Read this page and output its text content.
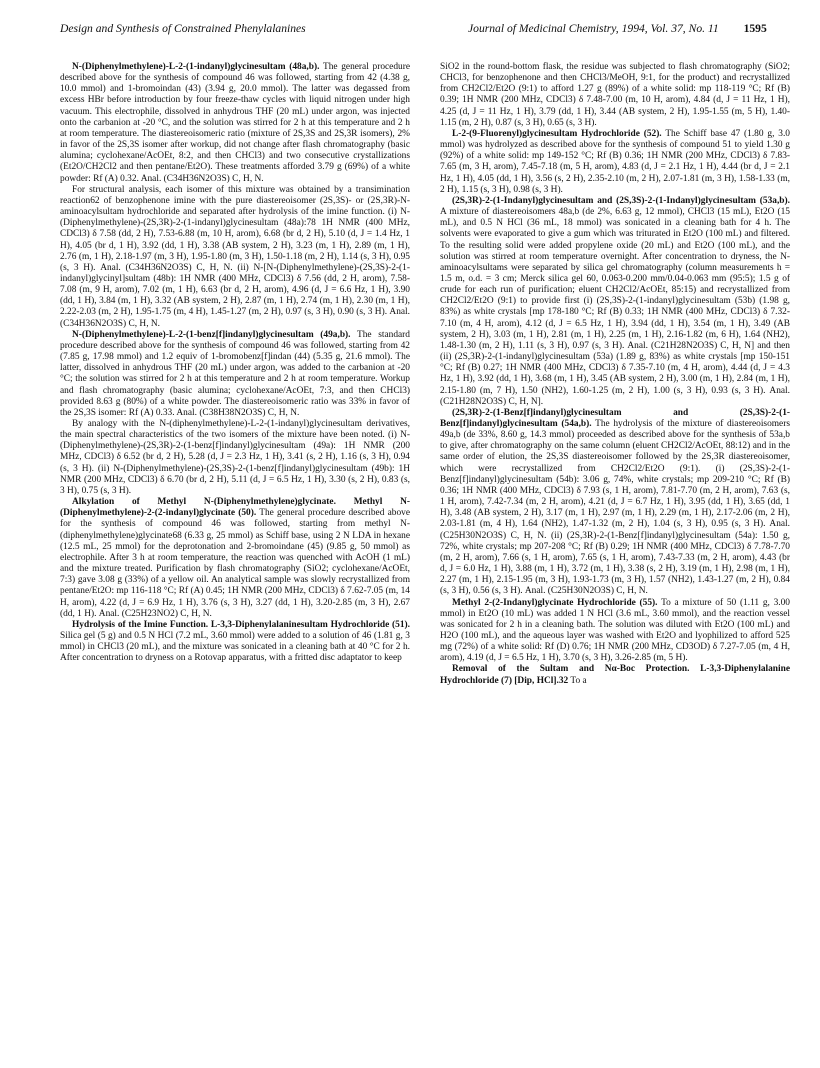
Design and Synthesis of Constrained Phenylalanines	Journal of Medicinal Chemistry, 1994, Vol. 37, No. 11 1595

N-(Diphenylmethylene)-L-2-(1-indanyl)glycinesultam (48a,b). The general procedure described above for the synthesis of compound 46 was followed, starting from 42 (4.38 g, 10.0 mmol) and 1-bromoindan (43) (3.94 g, 20.0 mmol). The latter was degassed from excess HBr before introduction by four freeze-thaw cycles with liquid nitrogen under high vacuum. This electrophile, dissolved in anhydrous THF (20 mL) under argon, was injected onto the carbanion at -20 °C, and the solution was stirred for 2 h at this temperature and 2 h at room temperature. The diastereoisomeric ratio (mixture of 2S,3S and 2S,3R isomers), 2% in favor of the 2S,3S isomer after workup, did not change after flash chromatography (basic alumina; cyclohexane/AcOEt, 8:2, and then CHCl3) and two consecutive crystallizations (Et2O/CH2Cl2 and then pentane/Et2O). These treatments afforded 3.79 g (69%) of a white powder: Rf (A) 0.32. Anal. (C34H36N2O3S) C, H, N.

For structural analysis, each isomer of this mixture was obtained by a transimination reaction62 of benzophenone imine with the pure diastereoisomer (2S,3S)- or (2S,3R)-N-aminoacylsultam hydrochloride and separated after hydrolysis of the imine function. (i) N-(Diphenylmethylene)-(2S,3R)-2-(1-indanyl)glycinesultam (48a):78 1H NMR (400 MHz, CDCl3) δ 7.58 (dd, 2 H), 7.53-6.88 (m, 10 H, arom), 6.68 (br d, 2 H), 5.10 (d, J = 1.4 Hz, 1 H), 4.05 (br d, 1 H), 3.92 (dd, 1 H), 3.38 (AB system, 2 H), 3.23 (m, 1 H), 2.89 (m, 1 H), 2.76 (m, 1 H), 2.18-1.97 (m, 3 H), 1.95-1.80 (m, 3 H), 1.50-1.18 (m, 2 H), 1.14 (s, 3 H), 0.95 (s, 3 H). Anal. (C34H36N2O3S) C, H, N. (ii) N-[N-(Diphenylmethylene)-(2S,3S)-2-(1-indanyl)glycinyl]sultam (48b): 1H NMR (400 MHz, CDCl3) δ 7.56 (dd, 2 H, arom), 7.58-7.08 (m, 9 H, arom), 7.02 (m, 1 H), 6.63 (br d, 2 H, arom), 4.96 (d, J = 6.6 Hz, 1 H), 3.90 (dd, 1 H), 3.84 (m, 1 H), 3.32 (AB system, 2 H), 2.87 (m, 1 H), 2.74 (m, 1 H), 2.30 (m, 1 H), 2.22-2.03 (m, 2 H), 1.95-1.75 (m, 4 H), 1.45-1.27 (m, 2 H), 0.97 (s, 3 H), 0.90 (s, 3 H). Anal. (C34H36N2O3S) C, H, N.

N-(Diphenylmethylene)-L-2-(1-benz[f]indanyl)glycinesultam (49a,b). The standard procedure described above for the synthesis of compound 46 was followed, starting from 42 (7.85 g, 17.98 mmol) and 1.2 equiv of 1-bromobenz[f]indan (44) (5.35 g, 21.6 mmol). The latter, dissolved in anhydrous THF (20 mL) under argon, was added to the carbanion at -20 °C; the solution was stirred for 2 h at this temperature and 2 h at room temperature. Workup and flash chromatography (basic alumina; cyclohexane/AcOEt, 7:3, and then CHCl3) provided 8.63 g (80%) of a white powder. The diastereoisomeric ratio was 33% in favor of the 2S,3S isomer: Rf (A) 0.33. Anal. (C38H38N2O3S) C, H, N.

By analogy with the N-(diphenylmethylene)-L-2-(1-indanyl)glycinesultam derivatives, the main spectral characteristics of the two isomers of the mixture have been noted. (i) N-(Diphenylmethylene)-(2S,3R)-2-(1-benz[f]indanyl)glycinesultam (49a): 1H NMR (200 MHz, CDCl3) δ 6.52 (br d, 2 H), 5.28 (d, J = 2.3 Hz, 1 H), 3.41 (s, 2 H), 1.16 (s, 3 H), 0.94 (s, 3 H). (ii) N-(Diphenylmethylene)-(2S,3S)-2-(1-benz[f]indanyl)glycinesultam (49b): 1H NMR (200 MHz, CDCl3) δ 6.70 (br d, 2 H), 5.11 (d, J = 6.5 Hz, 1 H), 3.30 (s, 2 H), 0.83 (s, 3 H), 0.75 (s, 3 H).

Alkylation of Methyl N-(Diphenylmethylene)glycinate. Methyl N-(Diphenylmethylene)-2-(2-indanyl)glycinate (50). The general procedure described above for the synthesis of compound 46 was followed, starting from methyl N-(diphenylmethylene)glycinate68 (6.33 g, 25 mmol) as Schiff base, using 2 N LDA in hexane (12.5 mL, 25 mmol) for the deprotonation and 2-bromoindane (45) (9.85 g, 50 mmol) as electrophile. After 3 h at room temperature, the reaction was quenched with AcOH (1 mL) and the mixture treated. Purification by flash chromatography (SiO2; cyclohexane/AcOEt, 7:3) gave 3.08 g (33%) of a yellow oil. An analytical sample was slowly recrystallized from pentane/Et2O: mp 116-118 °C; Rf (A) 0.45; 1H NMR (200 MHz, CDCl3) δ 7.62-7.05 (m, 14 H, arom), 4.22 (d, J = 6.9 Hz, 1 H), 3.76 (s, 3 H), 3.27 (dd, 1 H), 3.20-2.85 (m, 3 H), 2.67 (dd, 1 H). Anal. (C25H23NO2) C, H, N.

Hydrolysis of the Imine Function. L-3,3-Diphenylalaninesultam Hydrochloride (51). Silica gel (5 g) and 0.5 N HCl (7.2 mL, 3.60 mmol) were added to a solution of 46 (1.81 g, 3 mmol) in CHCl3 (20 mL), and the mixture was sonicated in a cleaning bath at 40 °C for 2 h. After concentration to dryness on a Rotovap apparatus, with a fritted disc adaptator to keep

SiO2 in the round-bottom flask, the residue was subjected to flash chromatography (SiO2; CHCl3, for benzophenone and then CHCl3/MeOH, 9:1, for the product) and recrystallized from CH2Cl2/Et2O (9:1) to afford 1.27 g (89%) of a white solid: mp 118-119 °C; Rf (B) 0.39; 1H NMR (200 MHz, CDCl3) δ 7.48-7.00 (m, 10 H, arom), 4.84 (d, J = 11 Hz, 1 H), 4.25 (d, J = 11 Hz, 1 H), 3.79 (dd, 1 H), 3.44 (AB system, 2 H), 1.95-1.55 (m, 5 H), 1.40-1.15 (m, 2 H), 0.87 (s, 3 H), 0.65 (s, 3 H).

L-2-(9-Fluorenyl)glycinesultam Hydrochloride (52). The Schiff base 47 (1.80 g, 3.0 mmol) was hydrolyzed as described above for the synthesis of compound 51 to yield 1.30 g (92%) of a white solid: mp 149-152 °C; Rf (B) 0.36; 1H NMR (200 MHz, CDCl3) δ 7.83-7.65 (m, 3 H, arom), 7.45-7.18 (m, 5 H, arom), 4.83 (d, J = 2.1 Hz, 1 H), 4.44 (br d, J = 2.1 Hz, 1 H), 4.05 (dd, 1 H), 3.56 (s, 2 H), 2.35-2.10 (m, 2 H), 2.07-1.81 (m, 3 H), 1.58-1.33 (m, 2 H), 1.15 (s, 3 H), 0.98 (s, 3 H).

(2S,3R)-2-(1-Indanyl)glycinesultam and (2S,3S)-2-(1-Indanyl)glycinesultam (53a,b). A mixture of diastereoisomers 48a,b (de 2%, 6.63 g, 12 mmol), CHCl3 (15 mL), Et2O (15 mL), and 0.5 N HCl (36 mL, 18 mmol) was sonicated in a cleaning bath for 4 h. The solvents were evaporated to give a gum which was triturated in Et2O (100 mL) and filtered. To the resulting solid were added propylene oxide (20 mL) and Et2O (100 mL), and the solution was stirred at room temperature overnight. After concentration to dryness, the N-aminoacylsultams were separated by silica gel chromatography (column measurements h = 1.5 m, o.d. = 3 cm; Merck silica gel 60, 0.063-0.200 mm/0.04-0.063 mm (95:5); 1.5 g of crude for each run of purification; eluent CH2Cl2/AcOEt, 85:15) and recrystallized from CH2Cl2/Et2O (9:1) to provide first (i) (2S,3S)-2-(1-indanyl)glycinesultam (53b) (1.98 g, 83%) as white crystals [mp 178-180 °C; Rf (B) 0.33; 1H NMR (400 MHz, CDCl3) δ 7.32-7.10 (m, 4 H, arom), 4.12 (d, J = 6.5 Hz, 1 H), 3.94 (dd, 1 H), 3.54 (m, 1 H), 3.49 (AB system, 2 H), 3.03 (m, 1 H), 2.81 (m, 1 H), 2.25 (m, 1 H), 2.16-1.82 (m, 6 H), 1.64 (NH2), 1.48-1.30 (m, 2 H), 1.11 (s, 3 H), 0.97 (s, 3 H). Anal. (C21H28N2O3S) C, H, N] and then (ii) (2S,3R)-2-(1-indanyl)glycinesultam (53a) (1.89 g, 83%) as white crystals [mp 150-151 °C; Rf (B) 0.27; 1H NMR (400 MHz, CDCl3) δ 7.35-7.10 (m, 4 H, arom), 4.44 (d, J = 4.3 Hz, 1 H), 3.92 (dd, 1 H), 3.68 (m, 1 H), 3.45 (AB system, 2 H), 3.00 (m, 1 H), 2.84 (m, 1 H), 2.15-1.80 (m, 7 H), 1.50 (NH2), 1.60-1.25 (m, 2 H), 1.00 (s, 3 H), 0.93 (s, 3 H). Anal. (C21H28N2O3S) C, H, N].

(2S,3R)-2-(1-Benz[f]indanyl)glycinesultam and (2S,3S)-2-(1-Benz[f]indanyl)glycinesultam (54a,b). The hydrolysis of the mixture of diastereoisomers 49a,b (de 33%, 8.60 g, 14.3 mmol) proceeded as described above for the synthesis of 53a,b to give, after chromatography on the same column (eluent CH2Cl2/AcOEt, 88:12) and in the same order of elution, the 2S,3S diastereoisomer followed by the 2S,3R diastereoisomer, which were recrystallized from CH2Cl2/Et2O (9:1). (i) (2S,3S)-2-(1-Benz[f]indanyl)glycinesultam (54b): 3.06 g, 74%, white crystals; mp 209-210 °C; Rf (B) 0.36; 1H NMR (400 MHz, CDCl3) δ 7.93 (s, 1 H, arom), 7.81-7.70 (m, 2 H, arom), 7.63 (s, 1 H, arom), 7.42-7.34 (m, 2 H, arom), 4.21 (d, J = 6.7 Hz, 1 H), 3.95 (dd, 1 H), 3.65 (dd, 1 H), 3.48 (AB system, 2 H), 3.17 (m, 1 H), 2.97 (m, 1 H), 2.29 (m, 1 H), 2.17-2.06 (m, 2 H), 2.03-1.81 (m, 4 H), 1.64 (NH2), 1.47-1.32 (m, 2 H), 1.04 (s, 3 H), 0.95 (s, 3 H). Anal. (C25H30N2O3S) C, H, N. (ii) (2S,3R)-2-(1-Benz[f]indanyl)glycinesultam (54a): 1.50 g, 72%, white crystals; mp 207-208 °C; Rf (B) 0.29; 1H NMR (400 MHz, CDCl3) δ 7.78-7.70 (m, 2 H, arom), 7.66 (s, 1 H, arom), 7.65 (s, 1 H, arom), 7.43-7.33 (m, 2 H, arom), 4.43 (br d, J = 6.0 Hz, 1 H), 3.88 (m, 1 H), 3.72 (m, 1 H), 3.38 (s, 2 H), 3.19 (m, 1 H), 2.98 (m, 1 H), 2.27 (m, 1 H), 2.15-1.95 (m, 3 H), 1.93-1.73 (m, 3 H), 1.57 (NH2), 1.43-1.27 (m, 2 H), 0.84 (s, 3 H), 0.56 (s, 3 H). Anal. (C25H30N2O3S) C, H, N.

Methyl 2-(2-Indanyl)glycinate Hydrochloride (55). To a mixture of 50 (1.11 g, 3.00 mmol) in Et2O (10 mL) was added 1 N HCl (3.6 mL, 3.60 mmol), and the reaction vessel was sonicated for 2 h in a cleaning bath. The solution was diluted with Et2O (100 mL) and H2O (100 mL), and the aqueous layer was washed with Et2O and lyophilized to afford 525 mg (72%) of a white solid: Rf (D) 0.76; 1H NMR (200 MHz, CD3OD) δ 7.27-7.05 (m, 4 H, arom), 4.19 (d, J = 6.5 Hz, 1 H), 3.70 (s, 3 H), 3.26-2.85 (m, 5 H).

Removal of the Sultam and Nα-Boc Protection. L-3,3-Diphenylalanine Hydrochloride (7) [Dip, HCl].32 To a
